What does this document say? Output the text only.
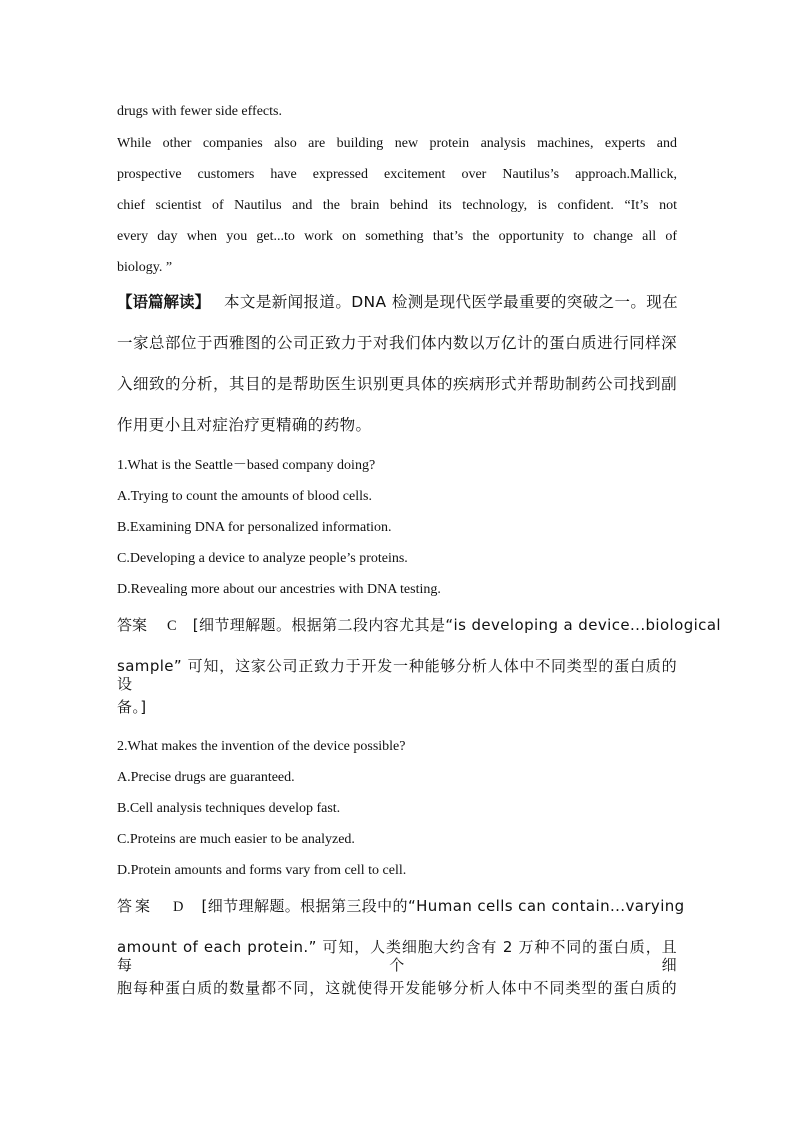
drugs with fewer side effects.
While other companies also are building new protein analysis machines, experts and
prospective customers have expressed excitement over Nautilus’s approach.Mallick,
chief scientist of Nautilus and the brain behind its technology, is confident. “It’s not
every day when you get...to work on something that’s the opportunity to change all of
biology. ”
【语篇解读】 本文是新闻报道。DNA 检测是现代医学最重要的突破之一。现在
一家总部位于西雅图的公司正致力于对我们体内数以万亿计的蛋白质进行同样深
入细致的分析，其目的是帮助医生识别更具体的疾病形式并帮助制药公司找到副
作用更小且对症治疗更精确的药物。
1.What is the Seattle－based company doing?
A.Trying to count the amounts of blood cells.
B.Examining DNA for personalized information.
C.Developing a device to analyze people’s proteins.
D.Revealing more about our ancestries with DNA testing.
答案 C [细节理解题。根据第二段内容尤其是“is developing a device...biological
sample” 可知，这家公司正致力于开发一种能够分析人体中不同类型的蛋白质的设
备。]
2.What makes the invention of the device possible?
A.Precise drugs are guaranteed.
B.Cell analysis techniques develop fast.
C.Proteins are much easier to be analyzed.
D.Protein amounts and forms vary from cell to cell.
答案 D [细节理解题。根据第三段中的“Human cells can contain...varying
amount of each protein.” 可知，人类细胞大约含有 2 万种不同的蛋白质，且每个细
胞每种蛋白质的数量都不同，这就使得开发能够分析人体中不同类型的蛋白质的
